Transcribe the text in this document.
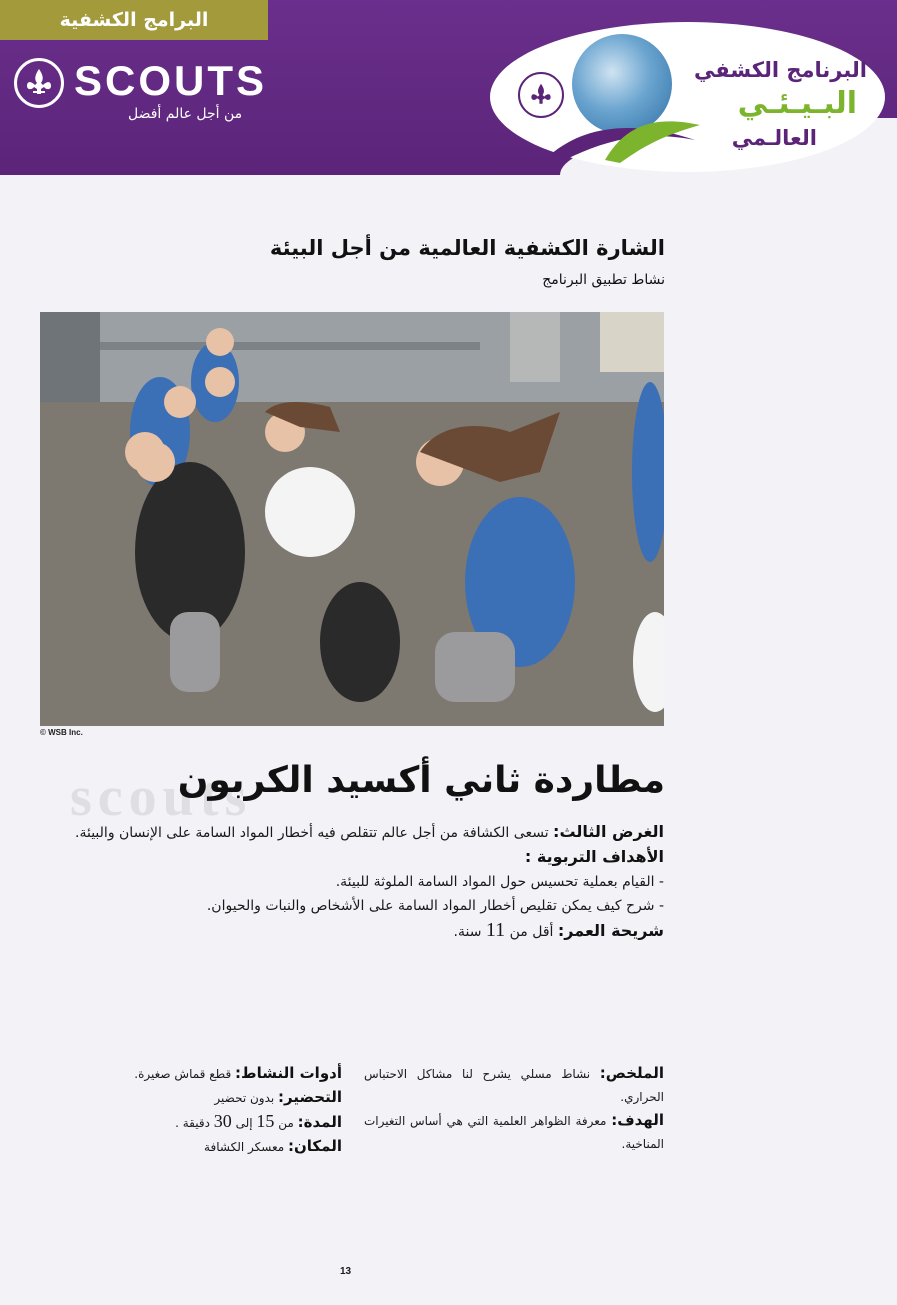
البرامج الكشفية
SCOUTS
من أجل عالم أفضل
البرنامج الكشفي
البـيـئـي
العالـمي
الشارة الكشفية العالمية من أجل البيئة
نشاط تطبيق البرنامج
© WSB Inc.
scouts
مطاردة ثاني أكسيد الكربون

الغرض الثالث: تسعى الكشافة من أجل عالم تتقلص فيه أخطار المواد السامة على الإنسان والبيئة.

الأهداف التربوية :

- القيام بعملية تحسيس حول المواد السامة الملوثة للبيئة.

- شرح كيف يمكن تقليص أخطار المواد السامة على الأشخاص والنبات والحيوان.

شريحة العمر: أقل من 11 سنة.

الملخص: نشاط مسلي يشرح لنا مشاكل الاحتباس الحراري.

الهدف: معرفة الظواهر العلمية التي هي أساس التغيرات المناخية.

أدوات النشاط: قطع قماش صغيرة.

التحضير: بدون تحضير

المدة: من 15 إلى 30 دقيقة .

المكان: معسكر الكشافة

13
